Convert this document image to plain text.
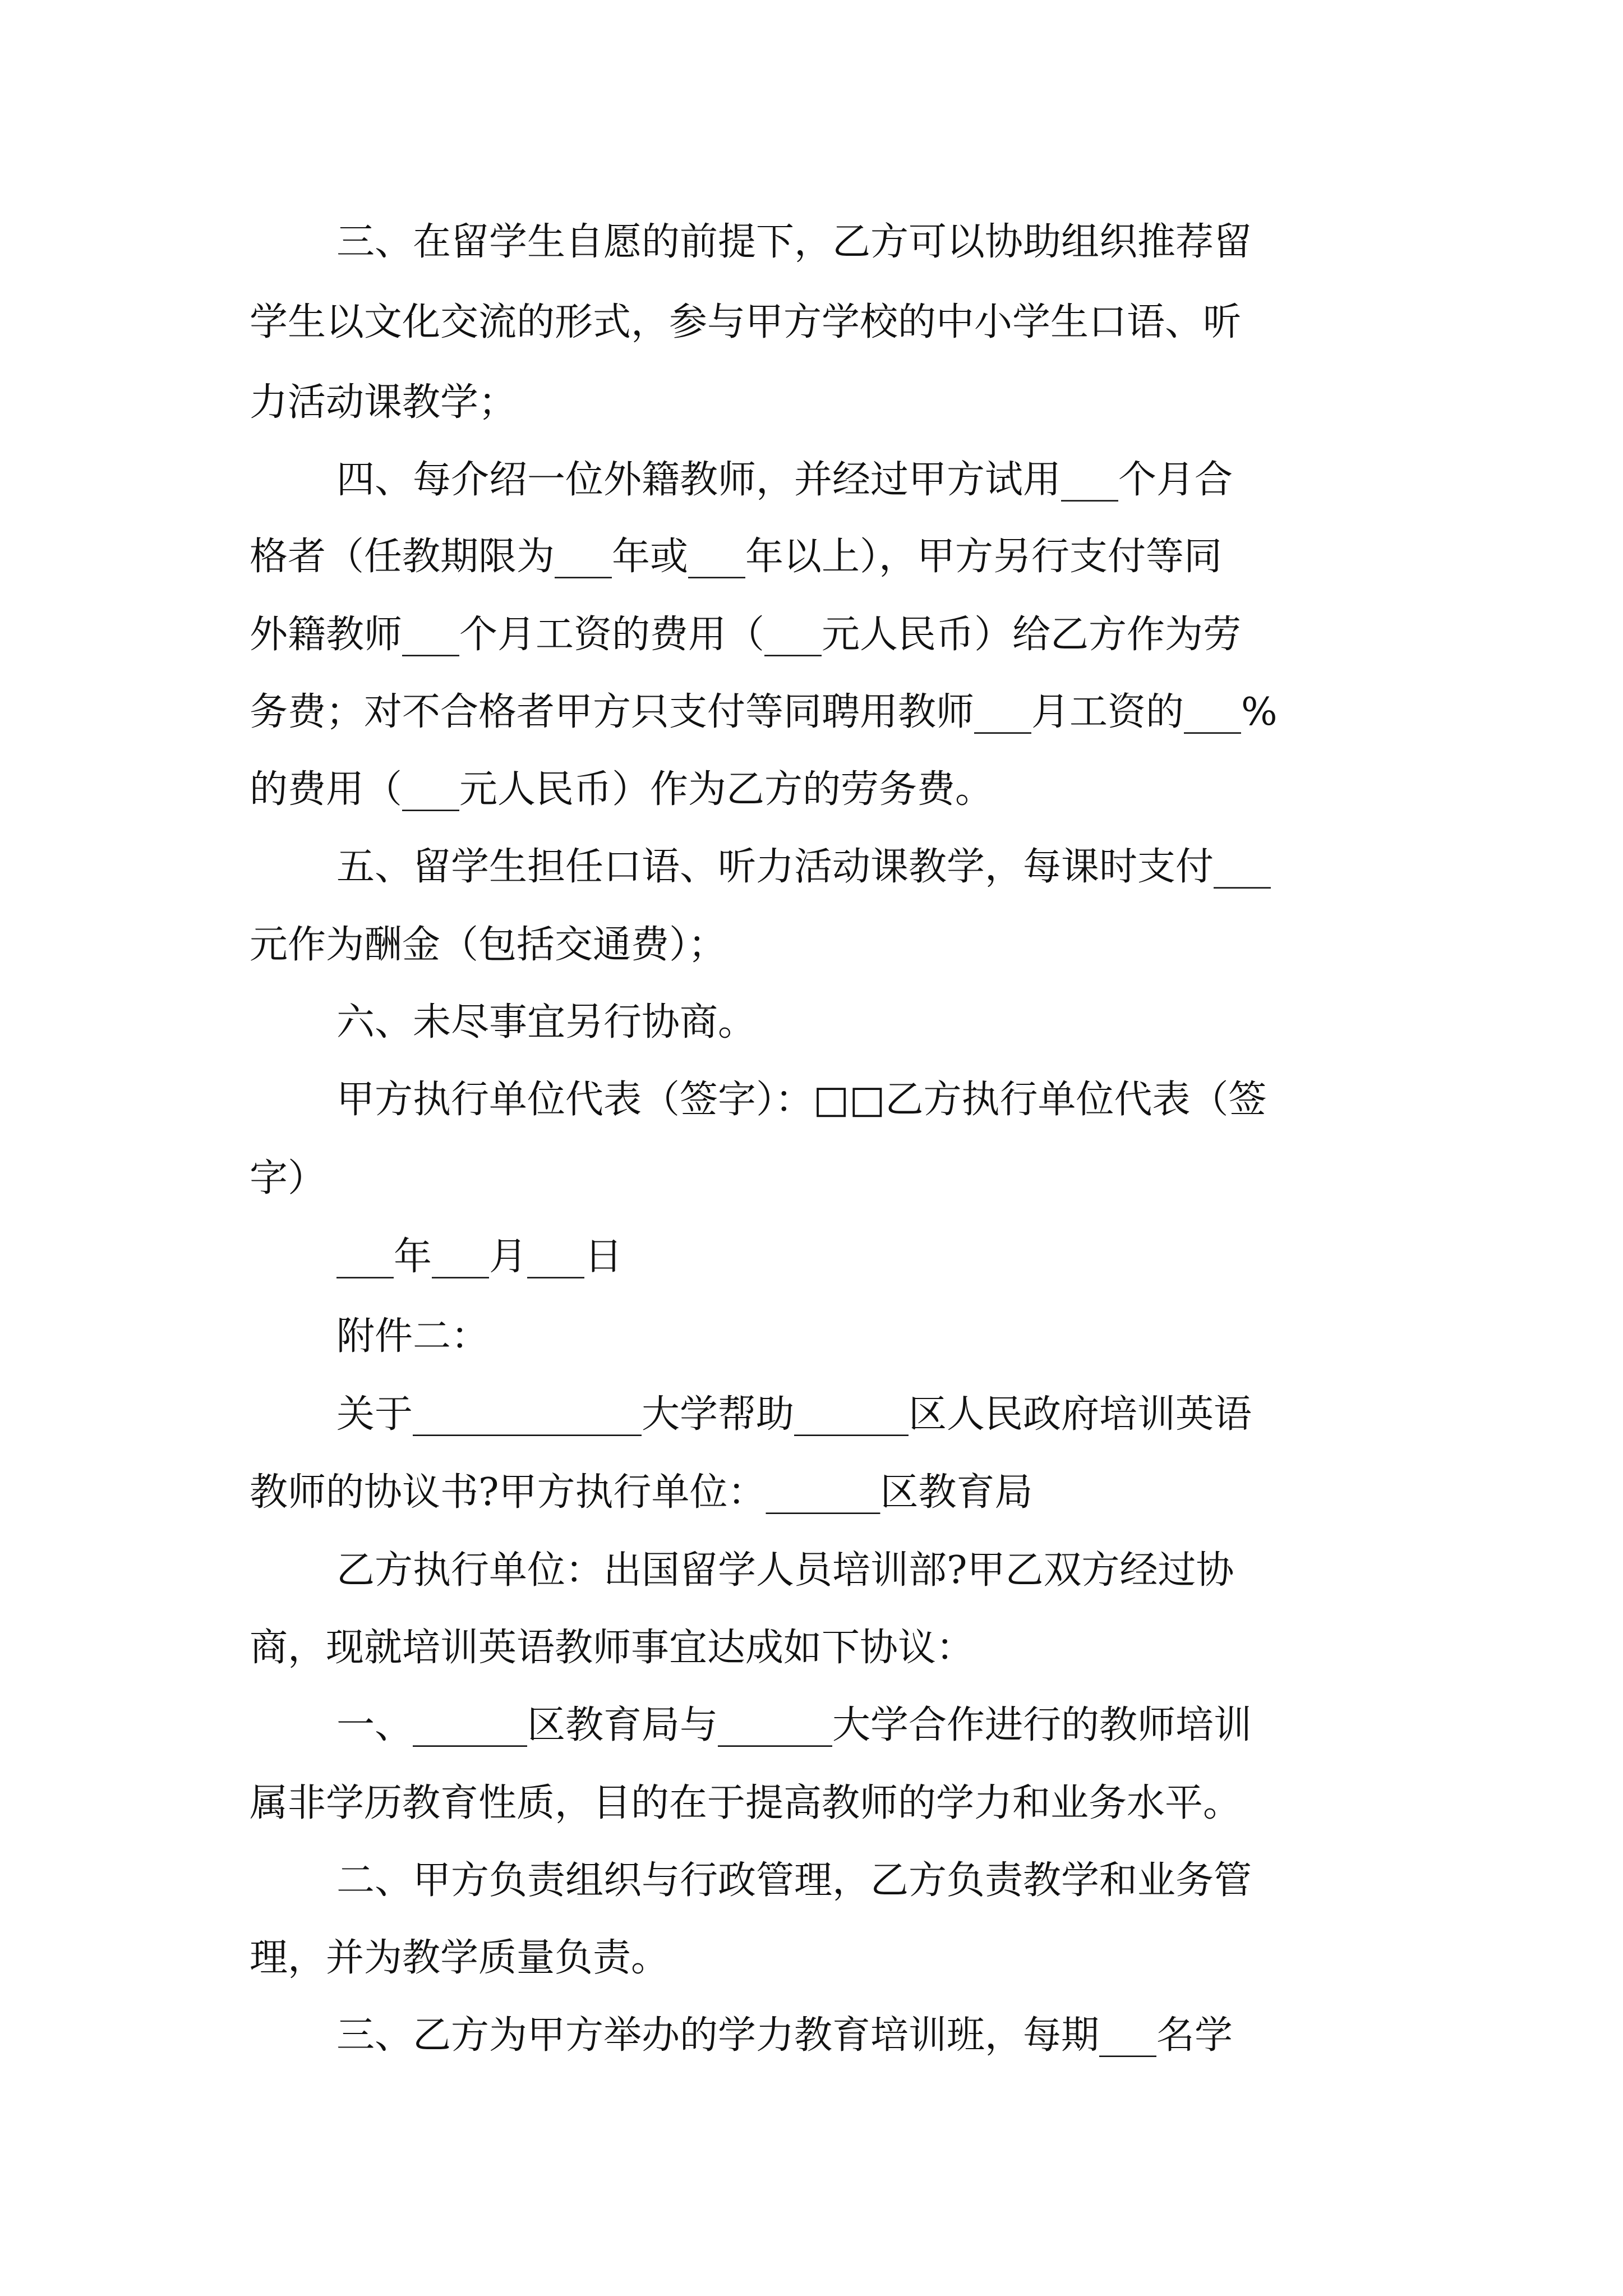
三、在留学生自愿的前提下，乙方可以协助组织推荐留
学生以文化交流的形式，参与甲方学校的中小学生口语、听
力活动课教学；
四、每介绍一位外籍教师，并经过甲方试用___个月合
格者（任教期限为___年或___年以上），甲方另行支付等同
外籍教师___个月工资的费用（___元人民币）给乙方作为劳
务费；对不合格者甲方只支付等同聘用教师___月工资的___%
的费用（___元人民币）作为乙方的劳务费。
五、留学生担任口语、听力活动课教学，每课时支付___
元作为酬金（包括交通费）；
六、未尽事宜另行协商。
甲方执行单位代表（签字）：□□乙方执行单位代表（签
字）
___年___月___日
附件二：
关于____________大学帮助______区人民政府培训英语
教师的协议书?甲方执行单位：______区教育局
乙方执行单位：出国留学人员培训部?甲乙双方经过协
商，现就培训英语教师事宜达成如下协议：
一、______区教育局与______大学合作进行的教师培训
属非学历教育性质，目的在于提高教师的学力和业务水平。
二、甲方负责组织与行政管理，乙方负责教学和业务管
理，并为教学质量负责。
三、乙方为甲方举办的学力教育培训班，每期___名学
